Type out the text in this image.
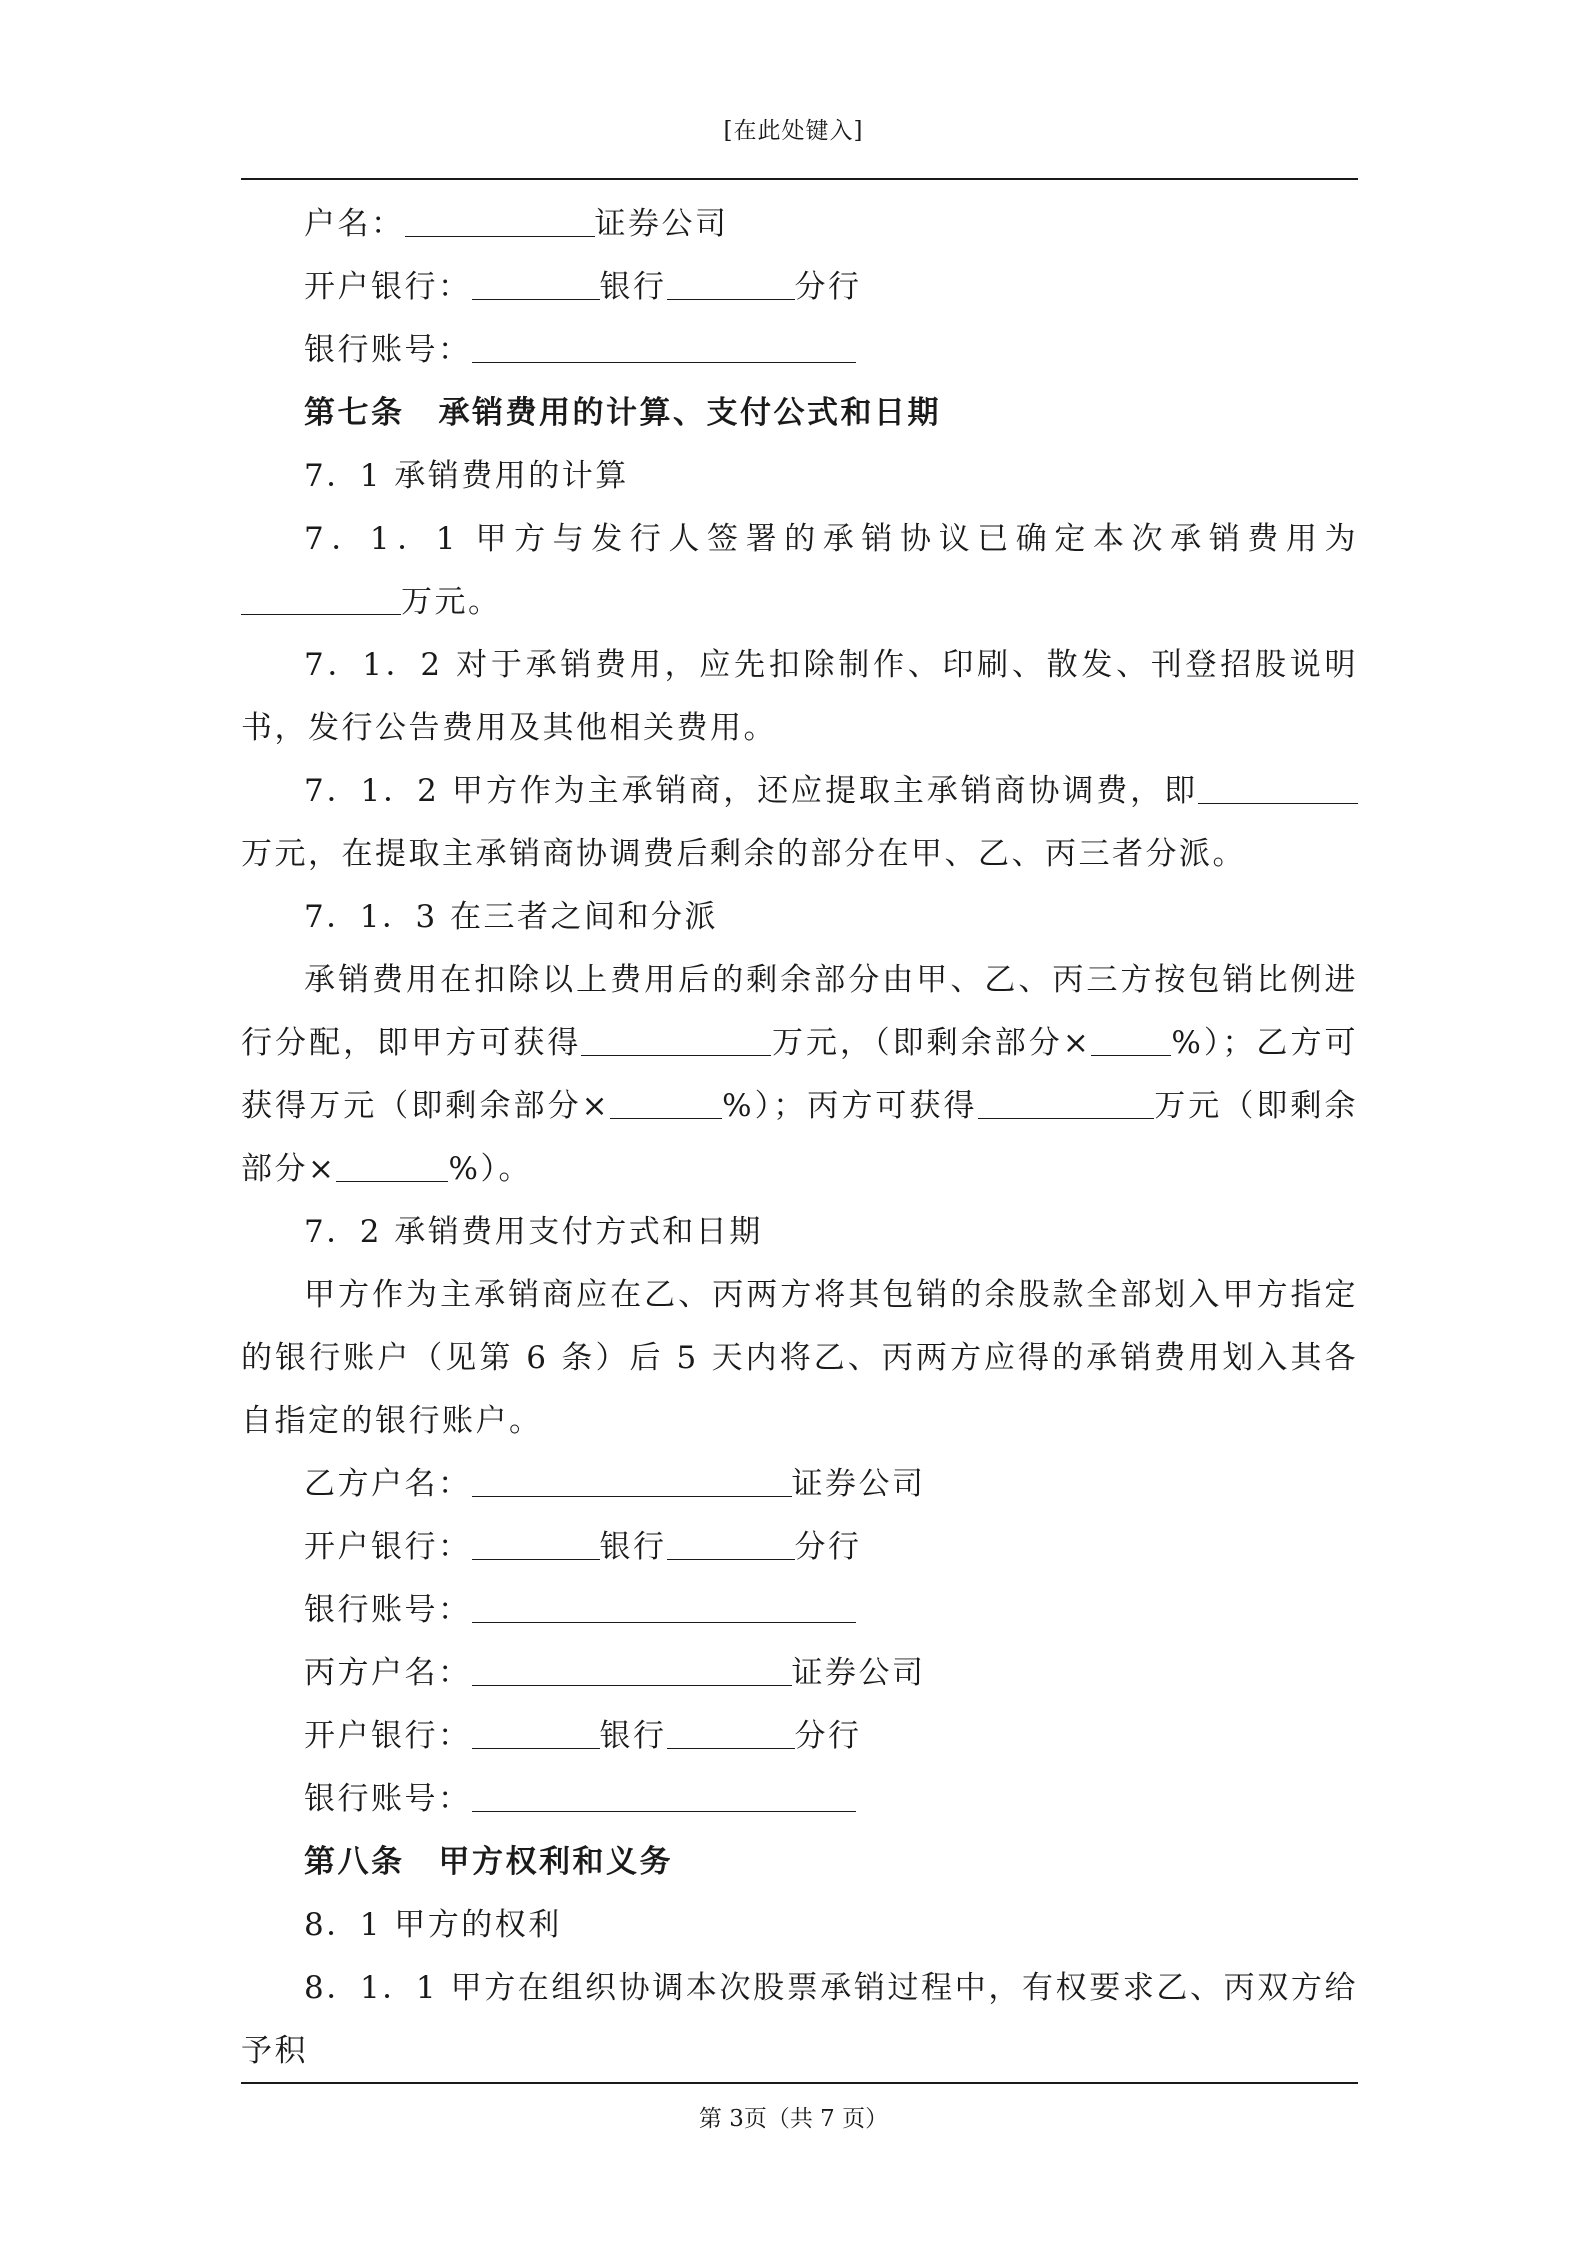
[在此处键入]

户名：	证券公司

开户银行：	银行	分行

银行账号：

第七条 承销费用的计算、支付公式和日期

7．1 承销费用的计算

7．1．1 甲方与发行人签署的承销协议已确定本次承销费用为万元。

7．1．2 对于承销费用，应先扣除制作、印刷、散发、刊登招股说明书，发行公告费用及其他相关费用。

7．1．2 甲方作为主承销商，还应提取主承销商协调费，即万元，在提取主承销商协调费后剩余的部分在甲、乙、丙三者分派。

7．1．3 在三者之间和分派

承销费用在扣除以上费用后的剩余部分由甲、乙、丙三方按包销比例进行分配，即甲方可获得	万元，（即剩余部分×	%）；乙方可获得万元（即剩余部分×	%）；丙方可获得	万元（即剩余部分×	%）。

7．2 承销费用支付方式和日期

甲方作为主承销商应在乙、丙两方将其包销的余股款全部划入甲方指定的银行账户（见第 6 条）后 5 天内将乙、丙两方应得的承销费用划入其各自指定的银行账户。

乙方户名：	证券公司

开户银行：	银行	分行

银行账号：

丙方户名：	证券公司

开户银行：	银行	分行

银行账号：

第八条 甲方权利和义务

8．1 甲方的权利

8．1．1 甲方在组织协调本次股票承销过程中，有权要求乙、丙双方给予积

第 3页（共 7 页）
